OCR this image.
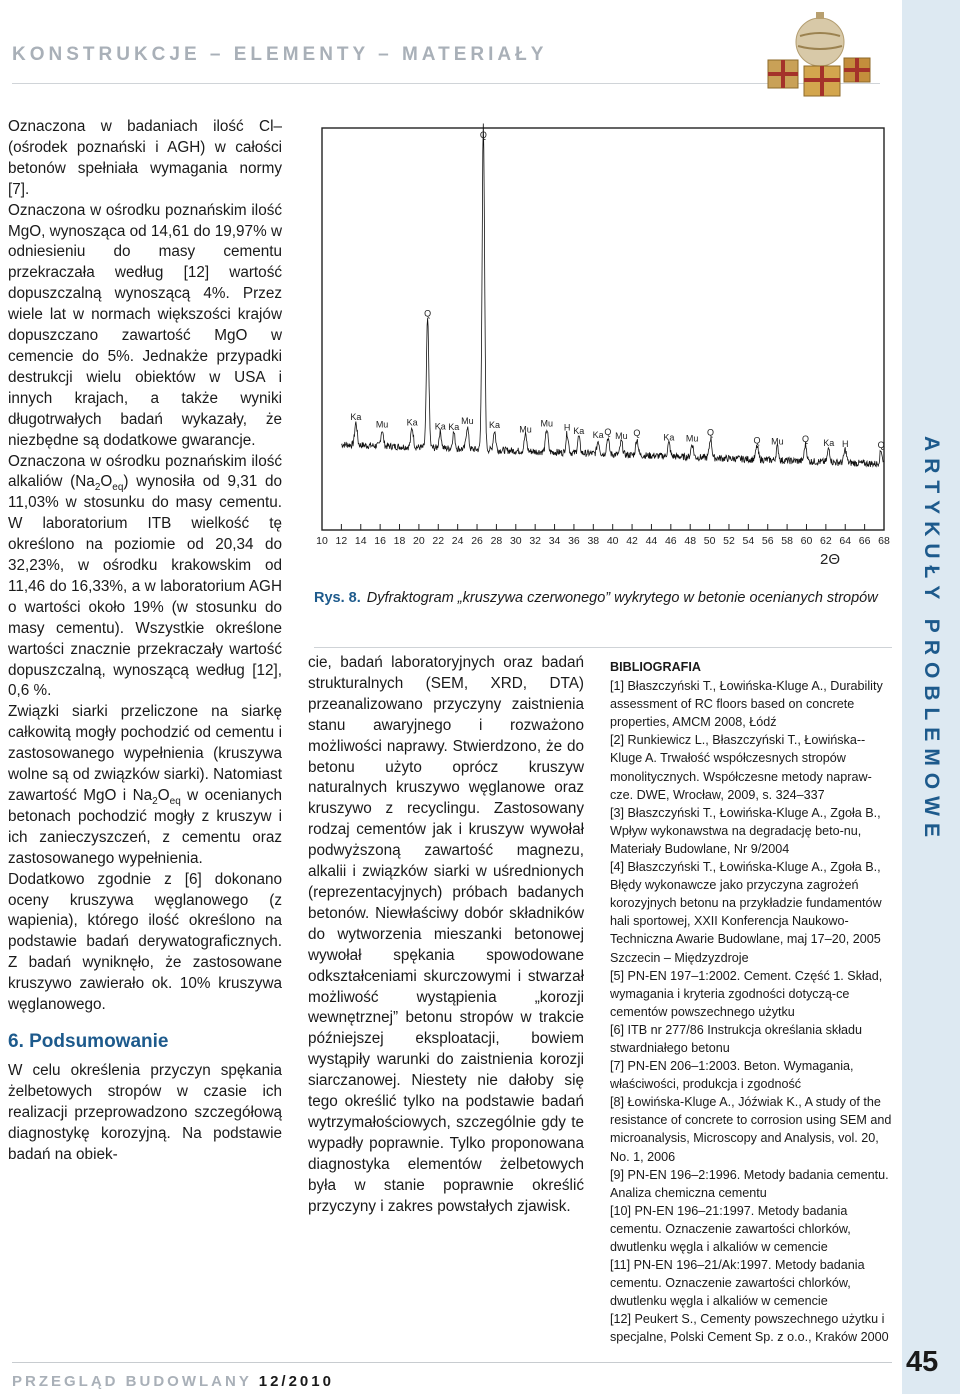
KONSTRUKCJE – ELEMENTY – MATERIAŁY
ARTYKUŁY PROBLEMOWE

Oznaczona w badaniach ilość Cl– (ośrodek poznański i AGH) w całości betonów spełniała wymagania normy [7].

Oznaczona w ośrodku poznańskim ilość MgO, wynosząca od 14,61 do 19,97% w odniesieniu do masy cementu przekraczała według [12] wartość dopuszczalną wynoszącą 4%. Przez wiele lat w normach większości krajów dopuszczano zawartość MgO w cemencie do 5%. Jednakże przypadki destrukcji wielu obiektów w USA i innych krajach, a także wyniki długotrwałych badań wykazały, że niezbędne są dodatkowe gwarancje.

Oznaczona w ośrodku poznańskim ilość alkaliów $(Na_2O_{eq})$ wynosiła od 9,31 do 11,03% w stosunku do masy cementu. W laboratorium ITB wielkość tę określono na poziomie od 20,34 do 32,23%, w ośrodku krakowskim od 11,46 do 16,33%, a w laboratorium AGH o wartości około 19% (w stosunku do masy cementu). Wszystkie określone wartości znacznie przekraczały wartość dopuszczalną, wynoszącą według [12], 0,6 %.

Związki siarki przeliczone na siarkę całkowitą mogły pochodzić od cementu i zastosowanego wypełnienia (kruszywa wolne są od związków siarki). Natomiast zawartość MgO i $Na_2O_{eq}$ w ocenianych betonach pochodzić mogły z kruszyw i ich zanieczyszczeń, z cementu oraz zastosowanego wypełnienia.

Dodatkowo zgodnie z [6] dokonano oceny kruszywa węglanowego (z wapienia), którego ilość określono na podstawie badań derywatograficznych. Z badań wyniknęło, że zastosowane kruszywo zawierało ok. 10% kruszywa węglanowego.

6. Podsumowanie

W celu określenia przyczyn spękania żelbetowych stropów w czasie ich realizacji przeprowadzono szczegółową diagnostykę korozyjną. Na podstawie badań na obiek-

10 12 14 16 18 20 22 24 26 28 30 32 34 36 38 40 42 44 46 48 50 52 54 56 58 60 62 64 66 68
2Θ
Ka
Mu Ka
Q
Ka Ka
Mu
Q
Ka Mu
Mu H Ka Ka Q Mu Q	Ka Mu
Q
Q Mu Q Ka H	Q
Rys. 8. Dyfraktogram „kruszywa czerwonego” wykrytego w betonie ocenianych stropów

cie, badań laboratoryjnych oraz badań strukturalnych (SEM, XRD, DTA) przeanalizowano przyczyny zaistnienia stanu awaryjnego i rozważono możliwości naprawy. Stwierdzono, że do betonu użyto oprócz kruszyw naturalnych kruszywo węglanowe oraz kruszywo z recyclingu. Zastosowany rodzaj cementów jak i kruszyw wywołał podwyższoną zawartość magnezu, alkalii i związków siarki w uśrednionych (reprezentacyjnych) próbach badanych betonów. Niewłaściwy dobór składników do wytworzenia mieszanki betonowej wywołał spękania spowodowane odkształceniami skurczowymi i stwarzał możliwość wystąpienia „korozji wewnętrznej” betonu stropów w trakcie późniejszej eksploatacji, bowiem wystąpiły warunki do zaistnienia korozji siarczanowej. Niestety nie dałoby się tego określić tylko na podstawie badań wytrzymałościowych, szczególnie gdy te wypadły poprawnie. Tylko proponowana diagnostyka elementów żelbetowych była w stanie poprawnie określić przyczyny i zakres powstałych zjawisk.

BIBLIOGRAFIA
[1] Błaszczyński T., Łowińska-Kluge A., Durability assessment of RC floors based on concrete properties, AMCM 2008, Łódź
[2] Runkiewicz L., Błaszczyński T., Łowińska--Kluge A. Trwałość współczesnych stropów monolitycznych. Współczesne metody napraw-cze. DWE, Wrocław, 2009, s. 324–337
[3] Błaszczyński T., Łowińska-Kluge A., Zgoła B., Wpływ wykonawstwa na degradację beto-nu, Materiały Budowlane, Nr 9/2004
[4] Błaszczyński T., Łowińska-Kluge A., Zgoła B., Błędy wykonawcze jako przyczyna zagrożeń korozyjnych betonu na przykładzie fundamentów hali sportowej, XXII Konferencja Naukowo-Techniczna Awarie Budowlane, maj 17–20, 2005 Szczecin – Międzyzdroje
[5] PN-EN 197–1:2002. Cement. Część 1. Skład, wymagania i kryteria zgodności dotyczą-ce cementów powszechnego użytku
[6] ITB nr 277/86 Instrukcja określania składu stwardniałego betonu
[7] PN-EN 206–1:2003. Beton. Wymagania, właściwości, produkcja i zgodność
[8] Łowińska-Kluge A., Jóźwiak K., A study of the resistance of concrete to corrosion using SEM and microanalysis, Microscopy and Analysis, vol. 20, No. 1, 2006
[9] PN-EN 196–2:1996. Metody badania cementu. Analiza chemiczna cementu
[10] PN-EN 196–21:1997. Metody badania cementu. Oznaczenie zawartości chlorków, dwutlenku węgla i alkaliów w cemencie
[11] PN-EN 196–21/Ak:1997. Metody badania cementu. Oznaczenie zawartości chlorków, dwutlenku węgla i alkaliów w cemencie
[12] Peukert S., Cementy powszechnego użytku i specjalne, Polski Cement Sp. z o.o., Kraków 2000
PRZEGLĄD BUDOWLANY 12/2010
45
